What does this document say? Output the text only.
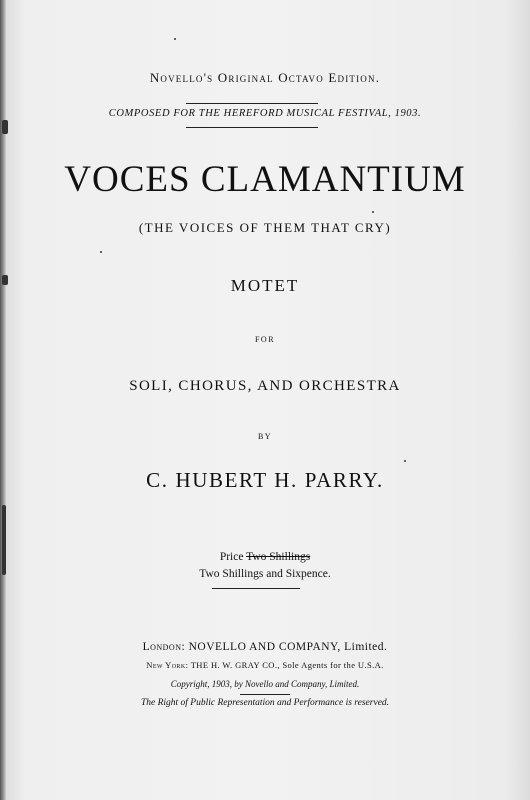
Novello's Original Octavo Edition.
COMPOSED FOR THE HEREFORD MUSICAL FESTIVAL, 1903.
VOCES CLAMANTIUM
(THE VOICES OF THEM THAT CRY)
MOTET
FOR
SOLI, CHORUS, AND ORCHESTRA
BY
C. HUBERT H. PARRY.
Price Two Shillings
Two Shillings and Sixpence.
London: NOVELLO AND COMPANY, Limited.
New York: THE H. W. GRAY CO., Sole Agents for the U.S.A.
Copyright, 1903, by Novello and Company, Limited.
The Right of Public Representation and Performance is reserved.
